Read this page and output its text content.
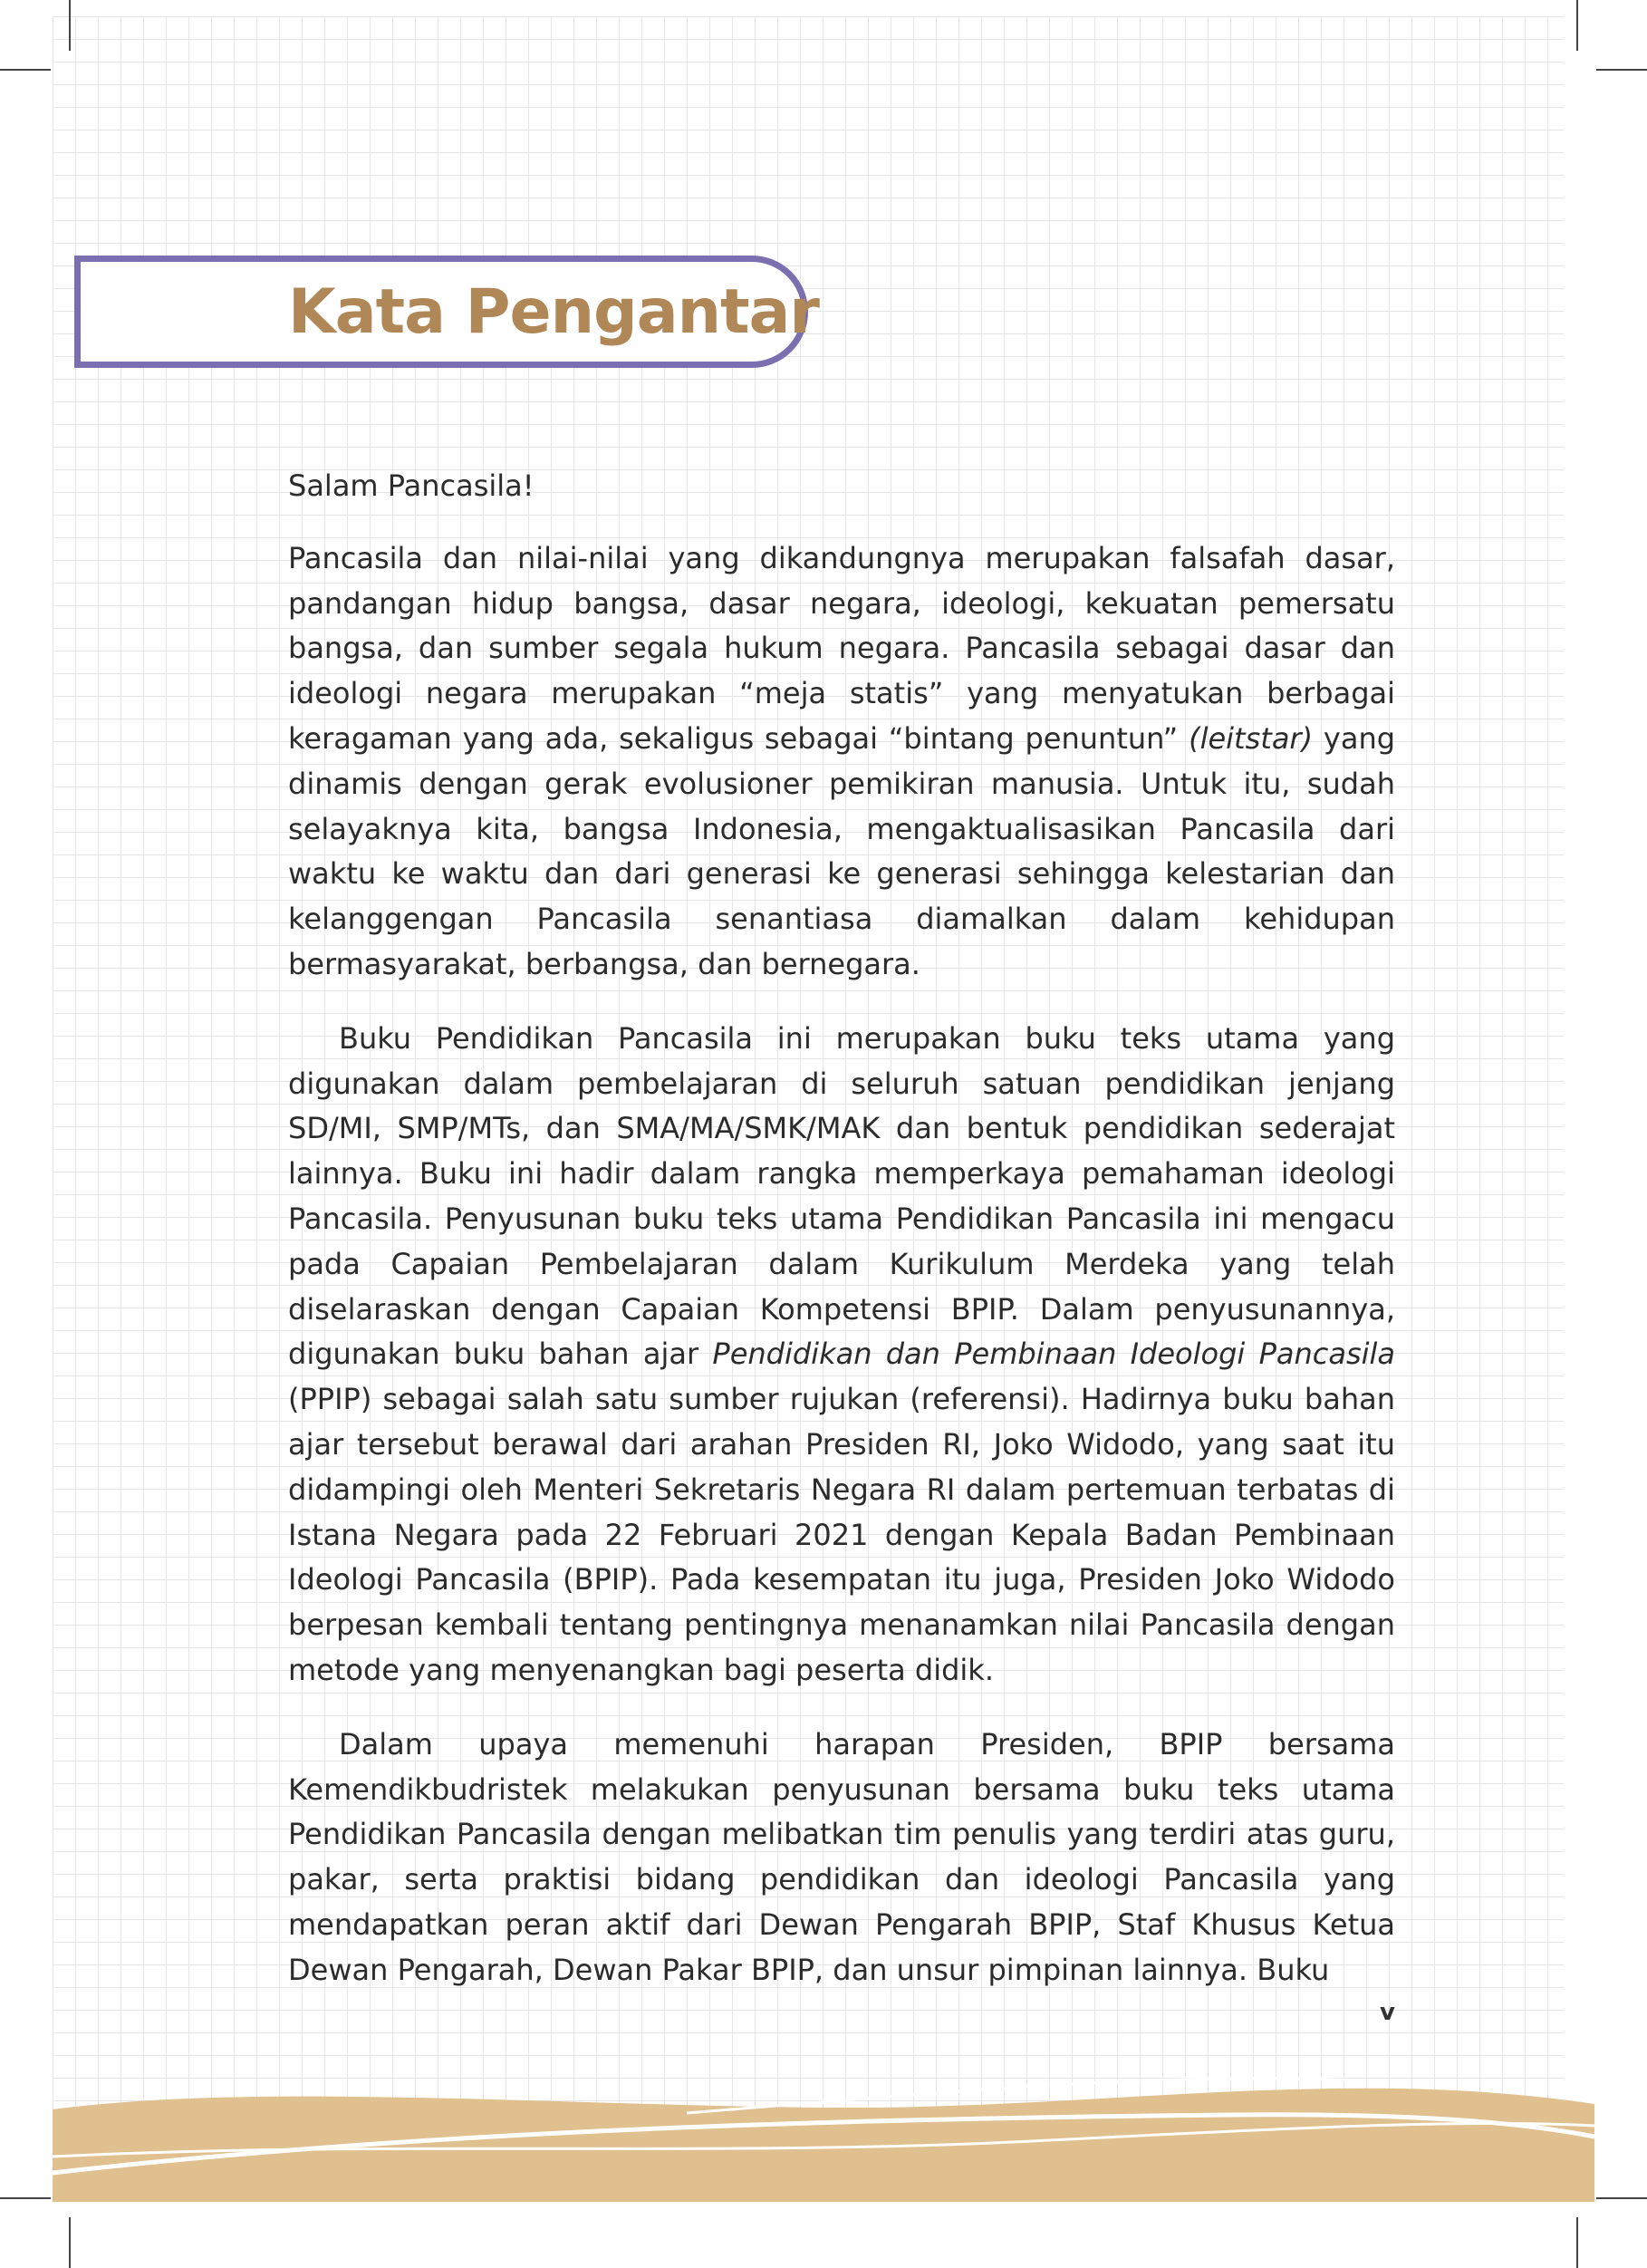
Kata Pengantar

Salam Pancasila!

Pancasila dan nilai-nilai yang dikandungnya merupakan falsafah dasar, pandangan hidup bangsa, dasar negara, ideologi, kekuatan pemersatu bangsa, dan sumber segala hukum negara. Pancasila sebagai dasar dan ideologi negara merupakan “meja statis” yang menyatukan berbagai keragaman yang ada, sekaligus sebagai “bintang penuntun” (leitstar) yang dinamis dengan gerak evolusioner pemikiran manusia. Untuk itu, sudah selayaknya kita, bangsa Indonesia, mengaktualisasikan Pancasila dari waktu ke waktu dan dari generasi ke generasi sehingga kelestarian dan kelanggengan Pancasila senantiasa diamalkan dalam kehidupan bermasyarakat, berbangsa, dan bernegara.

Buku Pendidikan Pancasila ini merupakan buku teks utama yang digunakan dalam pembelajaran di seluruh satuan pendidikan jenjang SD/MI, SMP/MTs, dan SMA/MA/SMK/MAK dan bentuk pendidikan sederajat lainnya. Buku ini hadir dalam rangka memperkaya pemahaman ideologi Pancasila. Penyusunan buku teks utama Pendidikan Pancasila ini mengacu pada Capaian Pembelajaran dalam Kurikulum Merdeka yang telah diselaraskan dengan Capaian Kompetensi BPIP. Dalam penyusunannya, digunakan buku bahan ajar Pendidikan dan Pembinaan Ideologi Pancasila (PPIP) sebagai salah satu sumber rujukan (referensi). Hadirnya buku bahan ajar tersebut berawal dari arahan Presiden RI, Joko Widodo, yang saat itu didampingi oleh Menteri Sekretaris Negara RI dalam pertemuan terbatas di Istana Negara pada 22 Februari 2021 dengan Kepala Badan Pembinaan Ideologi Pancasila (BPIP). Pada kesempatan itu juga, Presiden Joko Widodo berpesan kembali tentang pentingnya menanamkan nilai Pancasila dengan metode yang menyenangkan bagi peserta didik.

Dalam upaya memenuhi harapan Presiden, BPIP bersama Kemendikbudristek melakukan penyusunan bersama buku teks utama Pendidikan Pancasila dengan melibatkan tim penulis yang terdiri atas guru, pakar, serta praktisi bidang pendidikan dan ideologi Pancasila yang mendapatkan peran aktif dari Dewan Pengarah BPIP, Staf Khusus Ketua Dewan Pengarah, Dewan Pakar BPIP, dan unsur pimpinan lainnya. Buku

v
